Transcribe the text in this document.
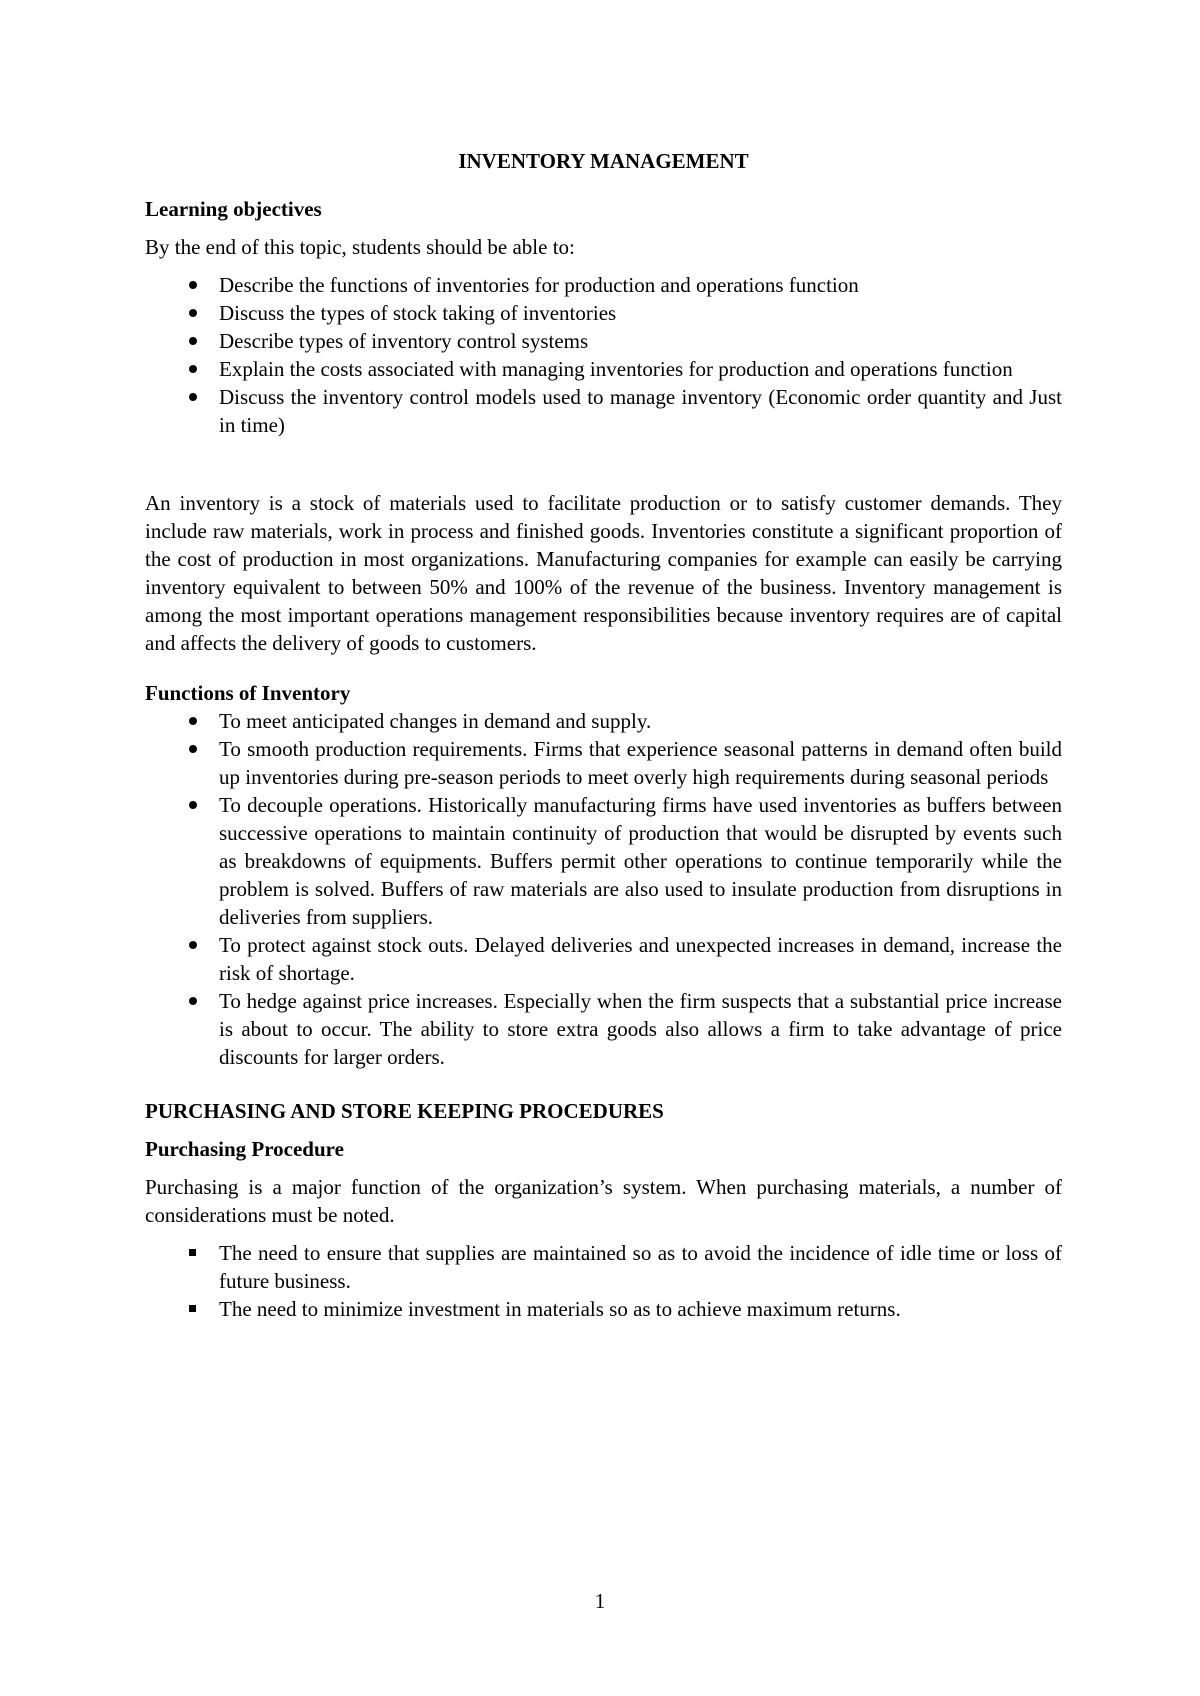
INVENTORY MANAGEMENT

Learning objectives

By the end of this topic, students should be able to:

Describe the functions of inventories for production and operations function
Discuss the types of stock taking of inventories
Describe types of inventory control systems
Explain the costs associated with managing inventories for production and operations function
Discuss the inventory control models used to manage inventory (Economic order quantity and Just in time)

An inventory is a stock of materials used to facilitate production or to satisfy customer demands. They include raw materials, work in process and finished goods. Inventories constitute a significant proportion of the cost of production in most organizations. Manufacturing companies for example can easily be carrying inventory equivalent to between 50% and 100% of the revenue of the business. Inventory management is among the most important operations management responsibilities because inventory requires are of capital and affects the delivery of goods to customers.

Functions of Inventory

To meet anticipated changes in demand and supply.
To smooth production requirements. Firms that experience seasonal patterns in demand often build up inventories during pre-season periods to meet overly high requirements during seasonal periods
To decouple operations. Historically manufacturing firms have used inventories as buffers between successive operations to maintain continuity of production that would be disrupted by events such as breakdowns of equipments. Buffers permit other operations to continue temporarily while the problem is solved. Buffers of raw materials are also used to insulate production from disruptions in deliveries from suppliers.
To protect against stock outs. Delayed deliveries and unexpected increases in demand, increase the risk of shortage.
To hedge against price increases. Especially when the firm suspects that a substantial price increase is about to occur. The ability to store extra goods also allows a firm to take advantage of price discounts for larger orders.

PURCHASING AND STORE KEEPING PROCEDURES

Purchasing Procedure

Purchasing is a major function of the organization’s system. When purchasing materials, a number of considerations must be noted.

The need to ensure that supplies are maintained so as to avoid the incidence of idle time or loss of future business.
The need to minimize investment in materials so as to achieve maximum returns.
1
